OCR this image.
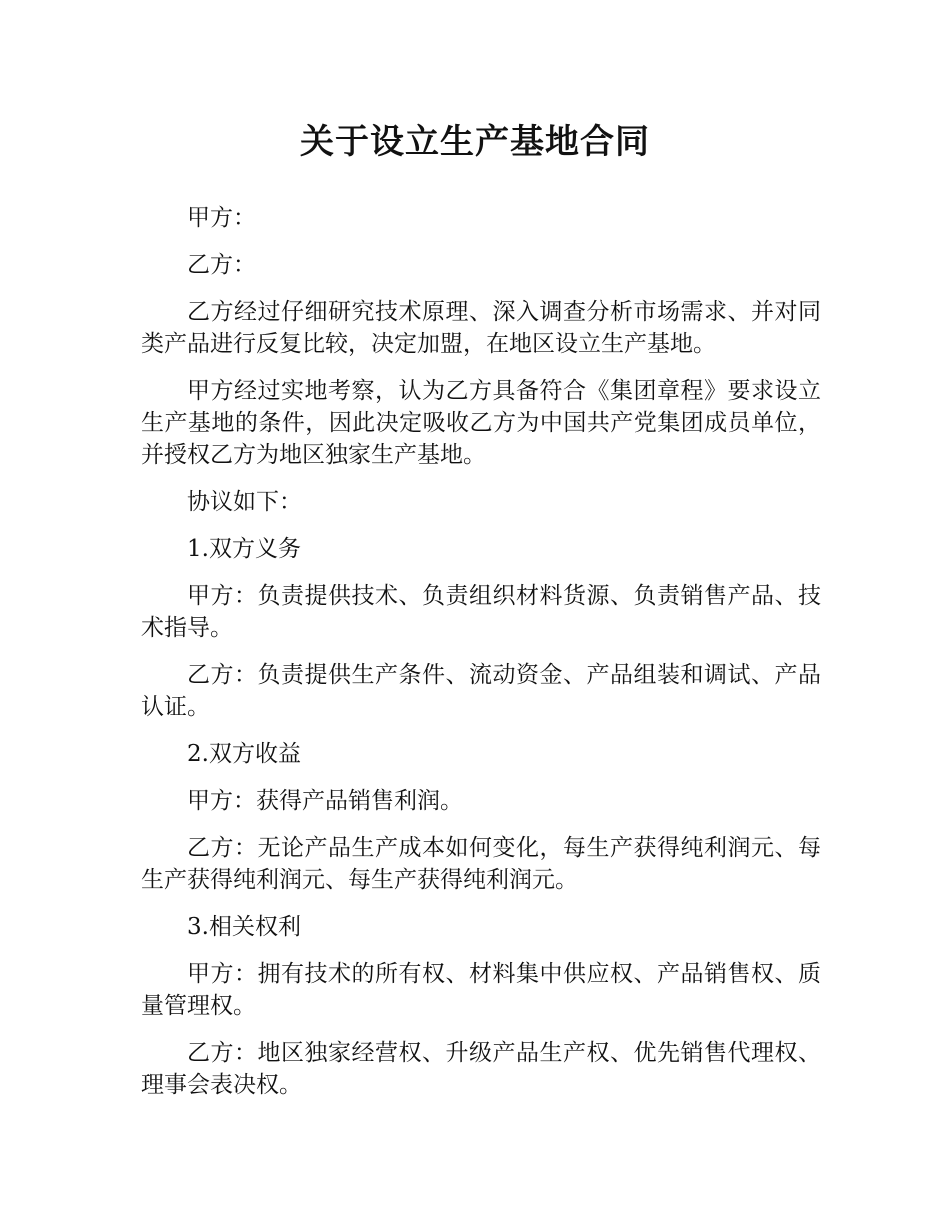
关于设立生产基地合同

甲方：

乙方：

乙方经过仔细研究技术原理、深入调查分析市场需求、并对同类产品进行反复比较，决定加盟，在地区设立生产基地。

甲方经过实地考察，认为乙方具备符合《集团章程》要求设立生产基地的条件，因此决定吸收乙方为中国共产党集团成员单位，并授权乙方为地区独家生产基地。

协议如下：

1.双方义务

甲方：负责提供技术、负责组织材料货源、负责销售产品、技术指导。

乙方：负责提供生产条件、流动资金、产品组装和调试、产品认证。

2.双方收益

甲方：获得产品销售利润。

乙方：无论产品生产成本如何变化，每生产获得纯利润元、每生产获得纯利润元、每生产获得纯利润元。

3.相关权利

甲方：拥有技术的所有权、材料集中供应权、产品销售权、质量管理权。

乙方：地区独家经营权、升级产品生产权、优先销售代理权、理事会表决权。
